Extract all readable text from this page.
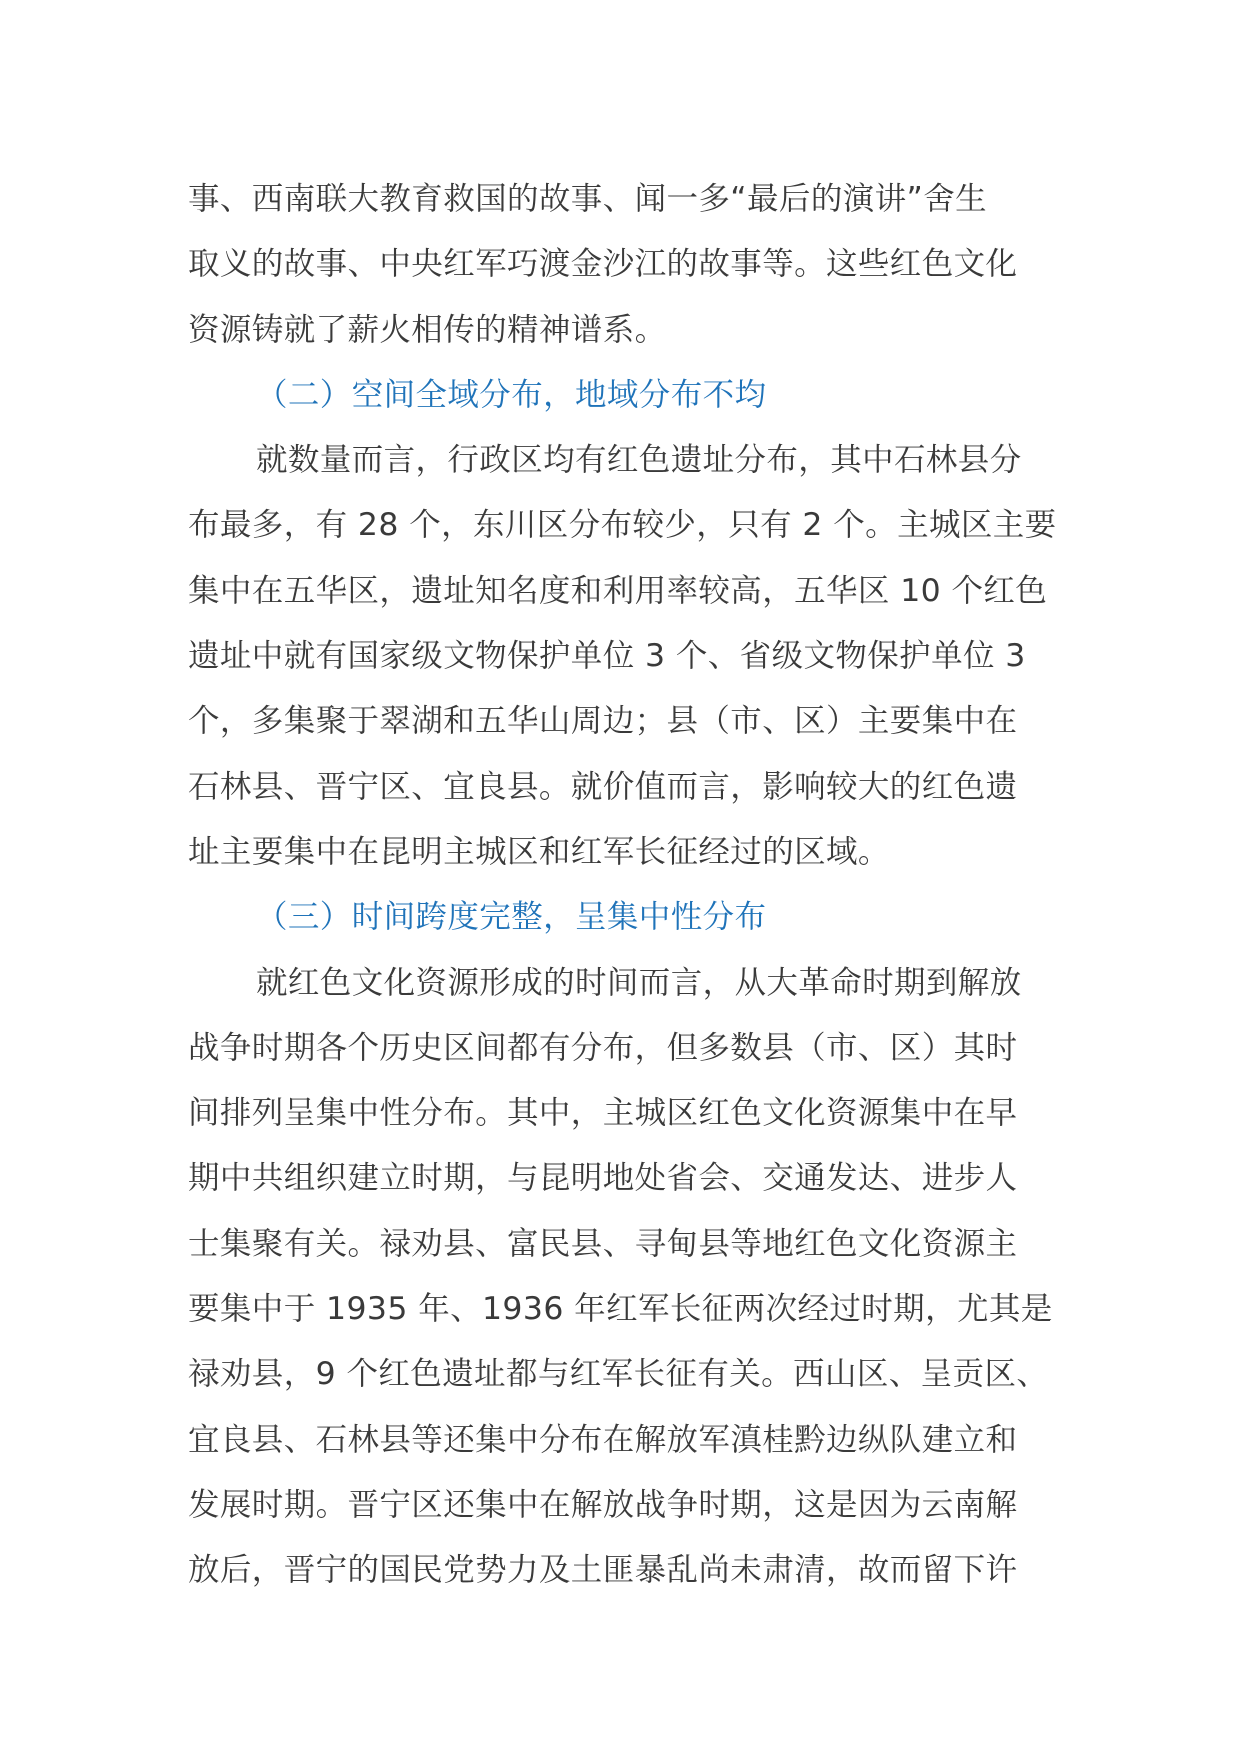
事、西南联大教育救国的故事、闻一多“最后的演讲”舍生
取义的故事、中央红军巧渡金沙江的故事等。这些红色文化
资源铸就了薪火相传的精神谱系。
（二）空间全域分布，地域分布不均
就数量而言，行政区均有红色遗址分布，其中石林县分
布最多，有 28 个，东川区分布较少，只有 2 个。主城区主要
集中在五华区，遗址知名度和利用率较高，五华区 10 个红色
遗址中就有国家级文物保护单位 3 个、省级文物保护单位 3
个，多集聚于翠湖和五华山周边；县（市、区）主要集中在
石林县、晋宁区、宜良县。就价值而言，影响较大的红色遗
址主要集中在昆明主城区和红军长征经过的区域。
（三）时间跨度完整，呈集中性分布
就红色文化资源形成的时间而言，从大革命时期到解放
战争时期各个历史区间都有分布，但多数县（市、区）其时
间排列呈集中性分布。其中，主城区红色文化资源集中在早
期中共组织建立时期，与昆明地处省会、交通发达、进步人
士集聚有关。禄劝县、富民县、寻甸县等地红色文化资源主
要集中于 1935 年、1936 年红军长征两次经过时期，尤其是
禄劝县，9 个红色遗址都与红军长征有关。西山区、呈贡区、
宜良县、石林县等还集中分布在解放军滇桂黔边纵队建立和
发展时期。晋宁区还集中在解放战争时期，这是因为云南解
放后，晋宁的国民党势力及土匪暴乱尚未肃清，故而留下许
